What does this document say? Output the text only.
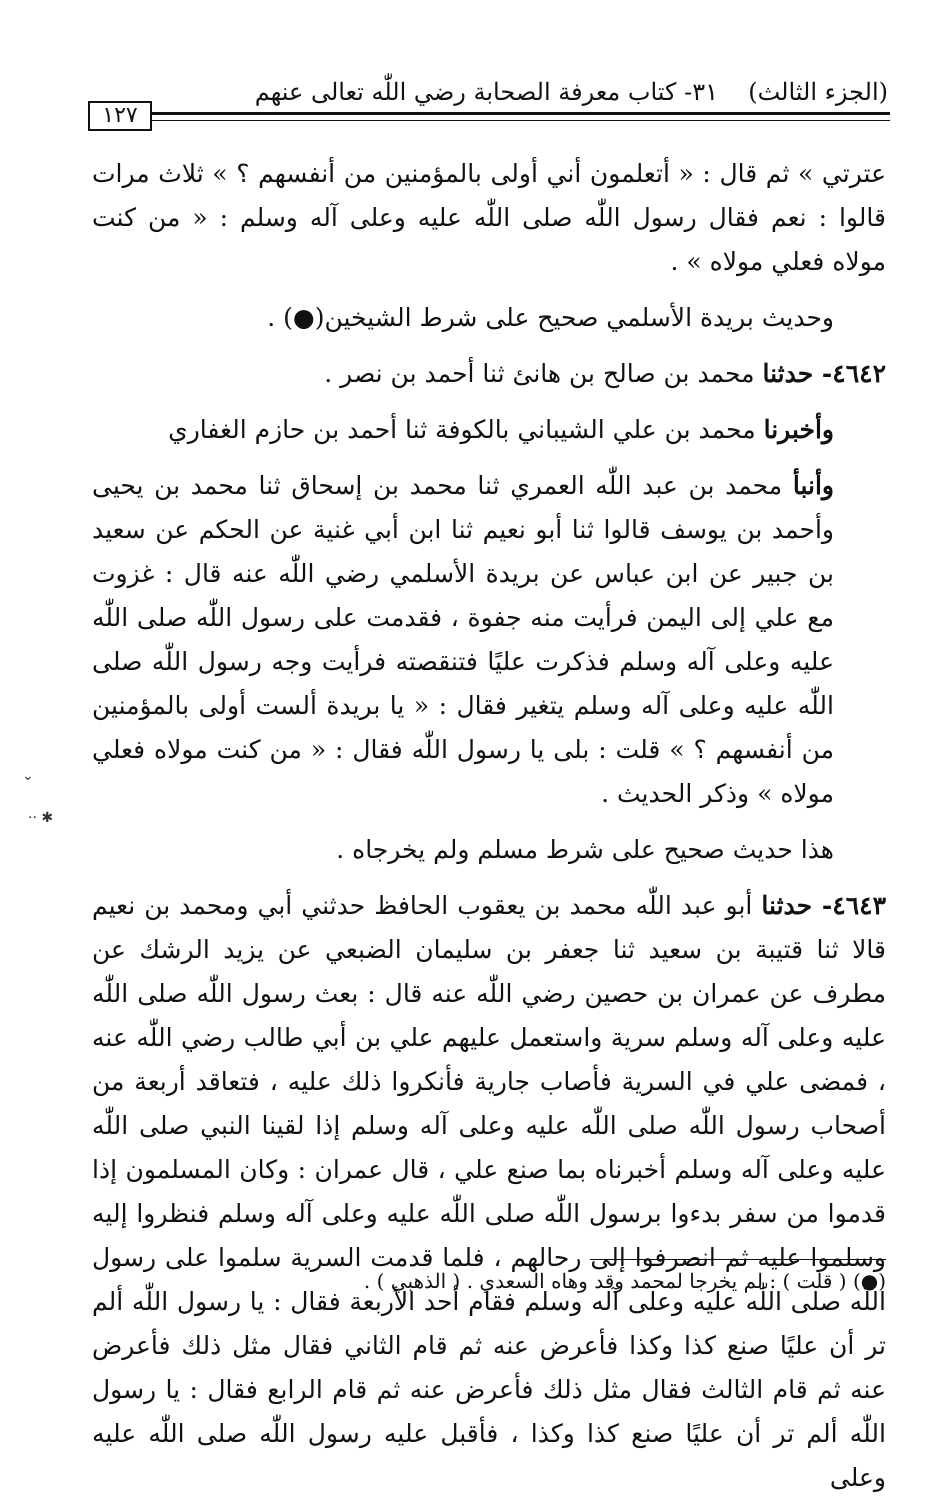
(الجزء الثالث)
٣١- كتاب معرفة الصحابة رضي اللّٰه تعالى عنهم
١٢٧

عترتي » ثم قال : « أتعلمون أني أولى بالمؤمنين من أنفسهم ؟ » ثلاث مرات قالوا : نعم فقال رسول اللّٰه صلى اللّٰه عليه وعلى آله وسلم : « من كنت مولاه فعلي مولاه » .

وحديث بريدة الأسلمي صحيح على شرط الشيخين(●) .

٤٦٤٢- حدثنا محمد بن صالح بن هانئ ثنا أحمد بن نصر .

وأخبرنا محمد بن علي الشيباني بالكوفة ثنا أحمد بن حازم الغفاري

وأنبأ محمد بن عبد اللّٰه العمري ثنا محمد بن إسحاق ثنا محمد بن يحيى وأحمد بن يوسف قالوا ثنا أبو نعيم ثنا ابن أبي غنية عن الحكم عن سعيد بن جبير عن ابن عباس عن بريدة الأسلمي رضي اللّٰه عنه قال : غزوت مع علي إلى اليمن فرأيت منه جفوة ، فقدمت على رسول اللّٰه صلى اللّٰه عليه وعلى آله وسلم فذكرت عليًا فتنقصته فرأيت وجه رسول اللّٰه صلى اللّٰه عليه وعلى آله وسلم يتغير فقال : « يا بريدة ألست أولى بالمؤمنين من أنفسهم ؟ » قلت : بلى يا رسول اللّٰه فقال : « من كنت مولاه فعلي مولاه » وذكر الحديث .

هذا حديث صحيح على شرط مسلم ولم يخرجاه .

٤٦٤٣- حدثنا أبو عبد اللّٰه محمد بن يعقوب الحافظ حدثني أبي ومحمد بن نعيم قالا ثنا قتيبة بن سعيد ثنا جعفر بن سليمان الضبعي عن يزيد الرشك عن مطرف عن عمران بن حصين رضي اللّٰه عنه قال : بعث رسول اللّٰه صلى اللّٰه عليه وعلى آله وسلم سرية واستعمل عليهم علي بن أبي طالب رضي اللّٰه عنه ، فمضى علي في السرية فأصاب جارية فأنكروا ذلك عليه ، فتعاقد أربعة من أصحاب رسول اللّٰه صلى اللّٰه عليه وعلى آله وسلم إذا لقينا النبي صلى اللّٰه عليه وعلى آله وسلم أخبرناه بما صنع علي ، قال عمران : وكان المسلمون إذا قدموا من سفر بدءوا برسول اللّٰه صلى اللّٰه عليه وعلى آله وسلم فنظروا إليه وسلموا عليه ثم انصرفوا إلى رحالهم ، فلما قدمت السرية سلموا على رسول اللّٰه صلى اللّٰه عليه وعلى آله وسلم فقام أحد الأربعة فقال : يا رسول اللّٰه ألم تر أن عليًا صنع كذا وكذا فأعرض عنه ثم قام الثاني فقال مثل ذلك فأعرض عنه ثم قام الثالث فقال مثل ذلك فأعرض عنه ثم قام الرابع فقال : يا رسول اللّٰه ألم تر أن عليًا صنع كذا وكذا ، فأقبل عليه رسول اللّٰه صلى اللّٰه عليه وعلى

⌄
·· ✱
(●) ( قلت ) : لم يخرجا لمحمد وقد وهاه السعدي . ( الذهبي ) .
